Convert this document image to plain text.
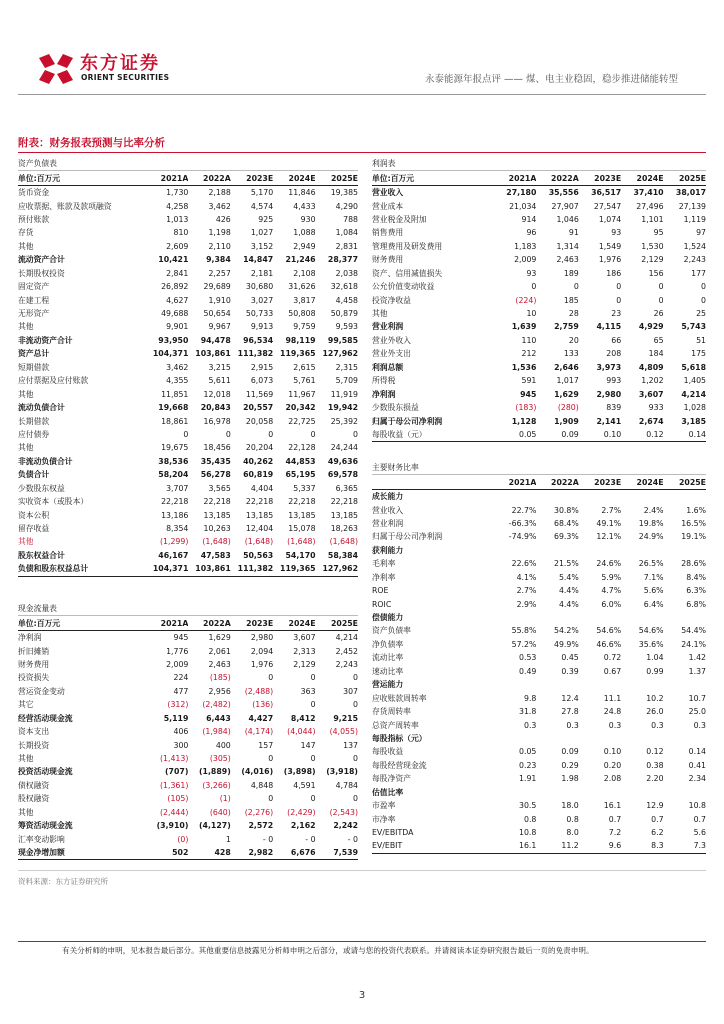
东方证券
ORIENT SECURITIES	永泰能源年报点评 —— 煤、电主业稳固，稳步推进储能转型
附表：财务报表预测与比率分析
资产负债表					
单位:百万元	2021A	2022A	2023E	2024E	2025E
货币资金	1,730	2,188	5,170	11,846	19,385
应收票据、账款及款项融资	4,258	3,462	4,574	4,433	4,290
预付账款	1,013	426	925	930	788
存货	810	1,198	1,027	1,088	1,084
其他	2,609	2,110	3,152	2,949	2,831
流动资产合计	10,421	9,384	14,847	21,246	28,377
长期股权投资	2,841	2,257	2,181	2,108	2,038
固定资产	26,892	29,689	30,680	31,626	32,618
在建工程	4,627	1,910	3,027	3,817	4,458
无形资产	49,688	50,654	50,733	50,808	50,879
其他	9,901	9,967	9,913	9,759	9,593
非流动资产合计	93,950	94,478	96,534	98,119	99,585
资产总计	104,371	103,861	111,382	119,365	127,962
短期借款	3,462	3,215	2,915	2,615	2,315
应付票据及应付账款	4,355	5,611	6,073	5,761	5,709
其他	11,851	12,018	11,569	11,967	11,919
流动负债合计	19,668	20,843	20,557	20,342	19,942
长期借款	18,861	16,978	20,058	22,725	25,392
应付债券	0	0	0	0	0
其他	19,675	18,456	20,204	22,128	24,244
非流动负债合计	38,536	35,435	40,262	44,853	49,636
负债合计	58,204	56,278	60,819	65,195	69,578
少数股东权益	3,707	3,565	4,404	5,337	6,365
实收资本（或股本）	22,218	22,218	22,218	22,218	22,218
资本公积	13,186	13,185	13,185	13,185	13,185
留存收益	8,354	10,263	12,404	15,078	18,263
其他	(1,299)	(1,648)	(1,648)	(1,648)	(1,648)
股东权益合计	46,167	47,583	50,563	54,170	58,384
负债和股东权益总计	104,371	103,861	111,382	119,365	127,962
现金流量表					
单位:百万元	2021A	2022A	2023E	2024E	2025E
净利润	945	1,629	2,980	3,607	4,214
折旧摊销	1,776	2,061	2,094	2,313	2,452
财务费用	2,009	2,463	1,976	2,129	2,243
投资损失	224	(185)	0	0	0
营运资金变动	477	2,956	(2,488)	363	307
其它	(312)	(2,482)	(136)	0	0
经营活动现金流	5,119	6,443	4,427	8,412	9,215
资本支出	406	(1,984)	(4,174)	(4,044)	(4,055)
长期投资	300	400	157	147	137
其他	(1,413)	(305)	0	0	0
投资活动现金流	(707)	(1,889)	(4,016)	(3,898)	(3,918)
债权融资	(1,361)	(3,266)	4,848	4,591	4,784
股权融资	(105)	(1)	0	0	0
其他	(2,444)	(640)	(2,276)	(2,429)	(2,543)
筹资活动现金流	(3,910)	(4,127)	2,572	2,162	2,242
汇率变动影响	(0)	1	- 0	- 0	- 0
现金净增加额	502	428	2,982	6,676	7,539
利润表					
单位:百万元	2021A	2022A	2023E	2024E	2025E
营业收入	27,180	35,556	36,517	37,410	38,017
营业成本	21,034	27,907	27,547	27,496	27,139
营业税金及附加	914	1,046	1,074	1,101	1,119
销售费用	96	91	93	95	97
管理费用及研发费用	1,183	1,314	1,549	1,530	1,524
财务费用	2,009	2,463	1,976	2,129	2,243
资产、信用减值损失	93	189	186	156	177
公允价值变动收益	0	0	0	0	0
投资净收益	(224)	185	0	0	0
其他	10	28	23	26	25
营业利润	1,639	2,759	4,115	4,929	5,743
营业外收入	110	20	66	65	51
营业外支出	212	133	208	184	175
利润总额	1,536	2,646	3,973	4,809	5,618
所得税	591	1,017	993	1,202	1,405
净利润	945	1,629	2,980	3,607	4,214
少数股东损益	(183)	(280)	839	933	1,028
归属于母公司净利润	1,128	1,909	2,141	2,674	3,185
每股收益（元）	0.05	0.09	0.10	0.12	0.14
主要财务比率					
	2021A	2022A	2023E	2024E	2025E
成长能力					
营业收入	22.7%	30.8%	2.7%	2.4%	1.6%
营业利润	-66.3%	68.4%	49.1%	19.8%	16.5%
归属于母公司净利润	-74.9%	69.3%	12.1%	24.9%	19.1%
获利能力					
毛利率	22.6%	21.5%	24.6%	26.5%	28.6%
净利率	4.1%	5.4%	5.9%	7.1%	8.4%
ROE	2.7%	4.4%	4.7%	5.6%	6.3%
ROIC	2.9%	4.4%	6.0%	6.4%	6.8%
偿债能力					
资产负债率	55.8%	54.2%	54.6%	54.6%	54.4%
净负债率	57.2%	49.9%	46.6%	35.6%	24.1%
流动比率	0.53	0.45	0.72	1.04	1.42
速动比率	0.49	0.39	0.67	0.99	1.37
营运能力					
应收账款周转率	9.8	12.4	11.1	10.2	10.7
存货周转率	31.8	27.8	24.8	26.0	25.0
总资产周转率	0.3	0.3	0.3	0.3	0.3
每股指标（元）					
每股收益	0.05	0.09	0.10	0.12	0.14
每股经营现金流	0.23	0.29	0.20	0.38	0.41
每股净资产	1.91	1.98	2.08	2.20	2.34
估值比率					
市盈率	30.5	18.0	16.1	12.9	10.8
市净率	0.8	0.8	0.7	0.7	0.7
EV/EBITDA	10.8	8.0	7.2	6.2	5.6
EV/EBIT	16.1	11.2	9.6	8.3	7.3
资料来源：东方证券研究所
有关分析师的申明，见本报告最后部分。其他重要信息披露见分析师申明之后部分，或请与您的投资代表联系。并请阅读本证券研究报告最后一页的免责申明。
3
